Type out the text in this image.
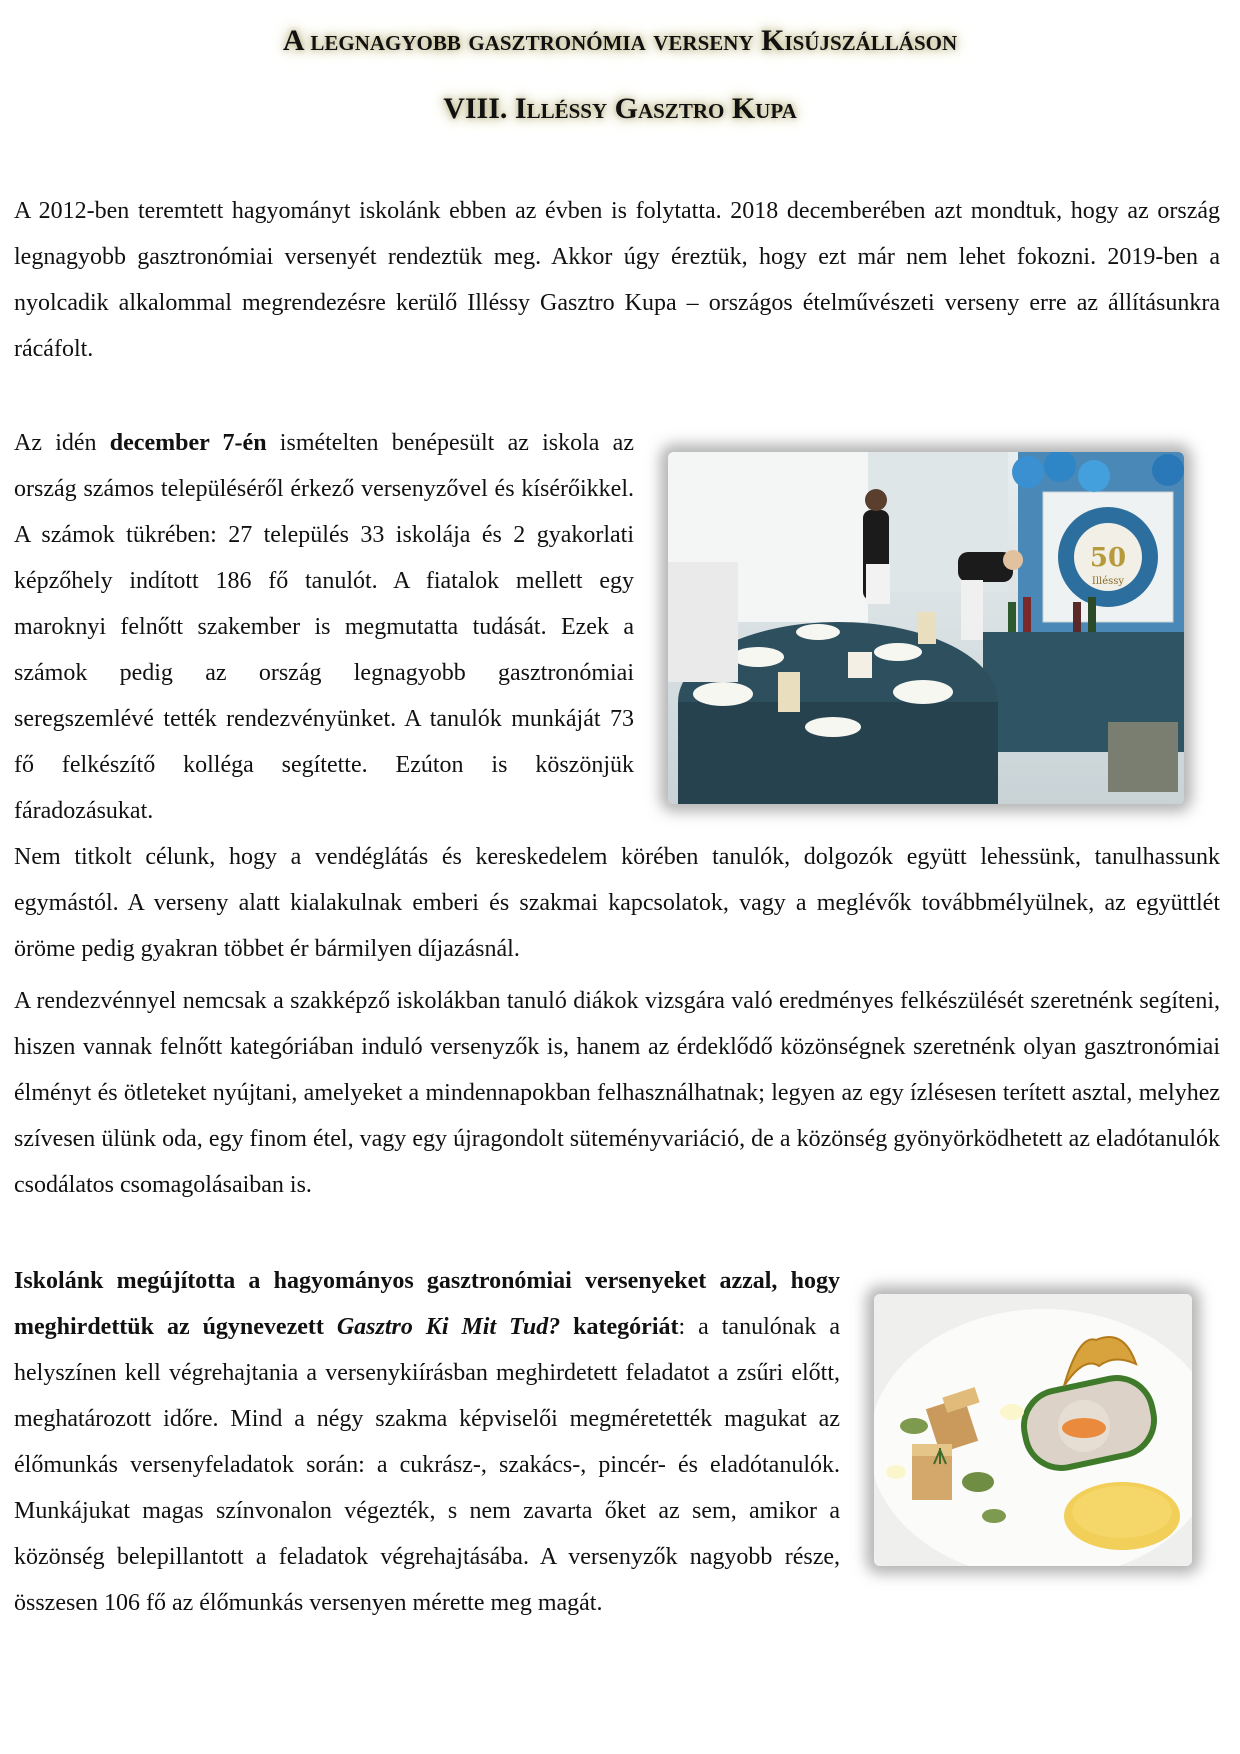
A legnagyobb gasztronómia verseny Kisújszálláson
VIII. Illéssy Gasztro Kupa

A 2012-ben teremtett hagyományt iskolánk ebben az évben is folytatta. 2018 decemberében azt mondtuk, hogy az ország legnagyobb gasztronómiai versenyét rendeztük meg. Akkor úgy éreztük, hogy ezt már nem lehet fokozni. 2019-ben a nyolcadik alkalommal megrendezésre kerülő Illéssy Gasztro Kupa – országos ételművészeti verseny erre az állításunkra rácáfolt.

Az idén december 7-én ismételten benépesült az iskola az ország számos településéről érkező versenyzővel és kísérőikkel. A számok tükrében: 27 település 33 iskolája és 2 gyakorlati képzőhely indított 186 fő tanulót. A fiatalok mellett egy maroknyi felnőtt szakember is megmutatta tudását. Ezek a számok pedig az ország legnagyobb gasztronómiai seregszemlévé tették rendezvényünket. A tanulók munkáját 73 fő felkészítő kolléga segítette. Ezúton is köszönjük fáradozásukat.

50
Illéssy

Nem titkolt célunk, hogy a vendéglátás és kereskedelem körében tanulók, dolgozók együtt lehessünk, tanulhassunk egymástól. A verseny alatt kialakulnak emberi és szakmai kapcsolatok, vagy a meglévők továbbmélyülnek, az együttlét öröme pedig gyakran többet ér bármilyen díjazásnál.

A rendezvénnyel nemcsak a szakképző iskolákban tanuló diákok vizsgára való eredményes felkészülését szeretnénk segíteni, hiszen vannak felnőtt kategóriában induló versenyzők is, hanem az érdeklődő közönségnek szeretnénk olyan gasztronómiai élményt és ötleteket nyújtani, amelyeket a mindennapokban felhasználhatnak; legyen az egy ízlésesen terített asztal, melyhez szívesen ülünk oda, egy finom étel, vagy egy újragondolt süteményvariáció, de a közönség gyönyörködhetett az eladótanulók csodálatos csomagolásaiban is.

Iskolánk megújította a hagyományos gasztronómiai versenyeket azzal, hogy meghirdettük az úgynevezett Gasztro Ki Mit Tud? kategóriát: a tanulónak a helyszínen kell végrehajtania a versenykiírásban meghirdetett feladatot a zsűri előtt, meghatározott időre. Mind a négy szakma képviselői megméretették magukat az élőmunkás versenyfeladatok során: a cukrász-, szakács-, pincér- és eladótanulók. Munkájukat magas színvonalon végezték, s nem zavarta őket az sem, amikor a közönség belepillantott a feladatok végrehajtásába. A versenyzők nagyobb része, összesen 106 fő az élőmunkás versenyen mérette meg magát.
